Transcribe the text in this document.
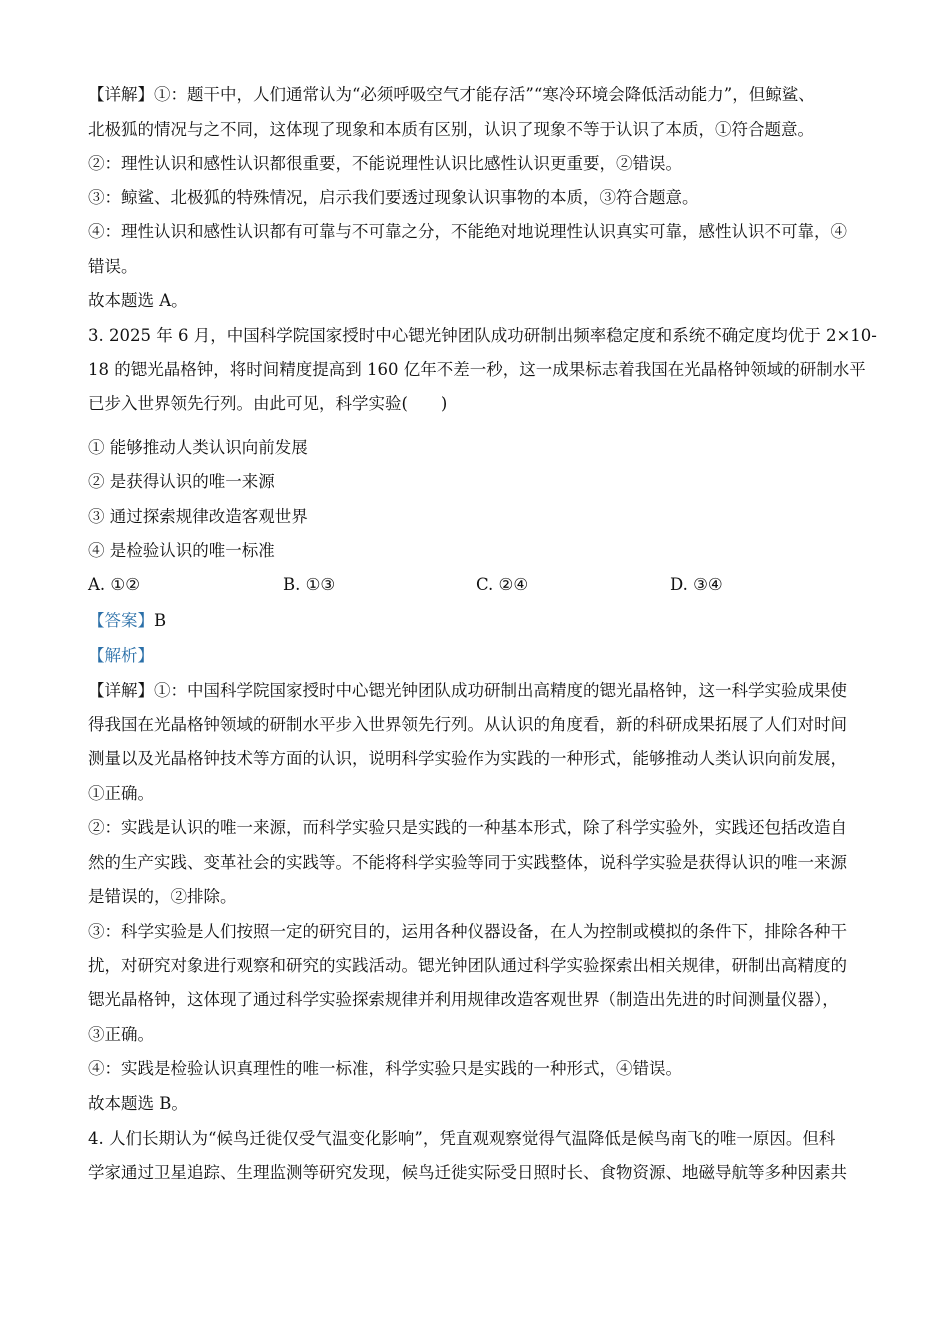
【详解】①：题干中，人们通常认为“必须呼吸空气才能存活”“寒冷环境会降低活动能力”，但鲸鲨、
北极狐的情况与之不同，这体现了现象和本质有区别，认识了现象不等于认识了本质，①符合题意。
②：理性认识和感性认识都很重要，不能说理性认识比感性认识更重要，②错误。
③：鲸鲨、北极狐的特殊情况，启示我们要透过现象认识事物的本质，③符合题意。
④：理性认识和感性认识都有可靠与不可靠之分，不能绝对地说理性认识真实可靠，感性认识不可靠，④
错误。
故本题选 A。
3. 2025 年 6 月，中国科学院国家授时中心锶光钟团队成功研制出频率稳定度和系统不确定度均优于 2×10-
18 的锶光晶格钟，将时间精度提高到 160 亿年不差一秒，这一成果标志着我国在光晶格钟领域的研制水平
已步入世界领先行列。由此可见，科学实验(　　)
① 能够推动人类认识向前发展
② 是获得认识的唯一来源
③ 通过探索规律改造客观世界
④ 是检验认识的唯一标准
A. ①②	B. ①③	C. ②④	D. ③④
【答案】B
【解析】
【详解】①：中国科学院国家授时中心锶光钟团队成功研制出高精度的锶光晶格钟，这一科学实验成果使
得我国在光晶格钟领域的研制水平步入世界领先行列。从认识的角度看，新的科研成果拓展了人们对时间
测量以及光晶格钟技术等方面的认识，说明科学实验作为实践的一种形式，能够推动人类认识向前发展，
①正确。
②：实践是认识的唯一来源，而科学实验只是实践的一种基本形式，除了科学实验外，实践还包括改造自
然的生产实践、变革社会的实践等。不能将科学实验等同于实践整体，说科学实验是获得认识的唯一来源
是错误的，②排除。
③：科学实验是人们按照一定的研究目的，运用各种仪器设备，在人为控制或模拟的条件下，排除各种干
扰，对研究对象进行观察和研究的实践活动。锶光钟团队通过科学实验探索出相关规律，研制出高精度的
锶光晶格钟，这体现了通过科学实验探索规律并利用规律改造客观世界（制造出先进的时间测量仪器），
③正确。
④：实践是检验认识真理性的唯一标准，科学实验只是实践的一种形式，④错误。
故本题选 B。
4. 人们长期认为“候鸟迁徙仅受气温变化影响”，凭直观观察觉得气温降低是候鸟南飞的唯一原因。但科
学家通过卫星追踪、生理监测等研究发现，候鸟迁徙实际受日照时长、食物资源、地磁导航等多种因素共
